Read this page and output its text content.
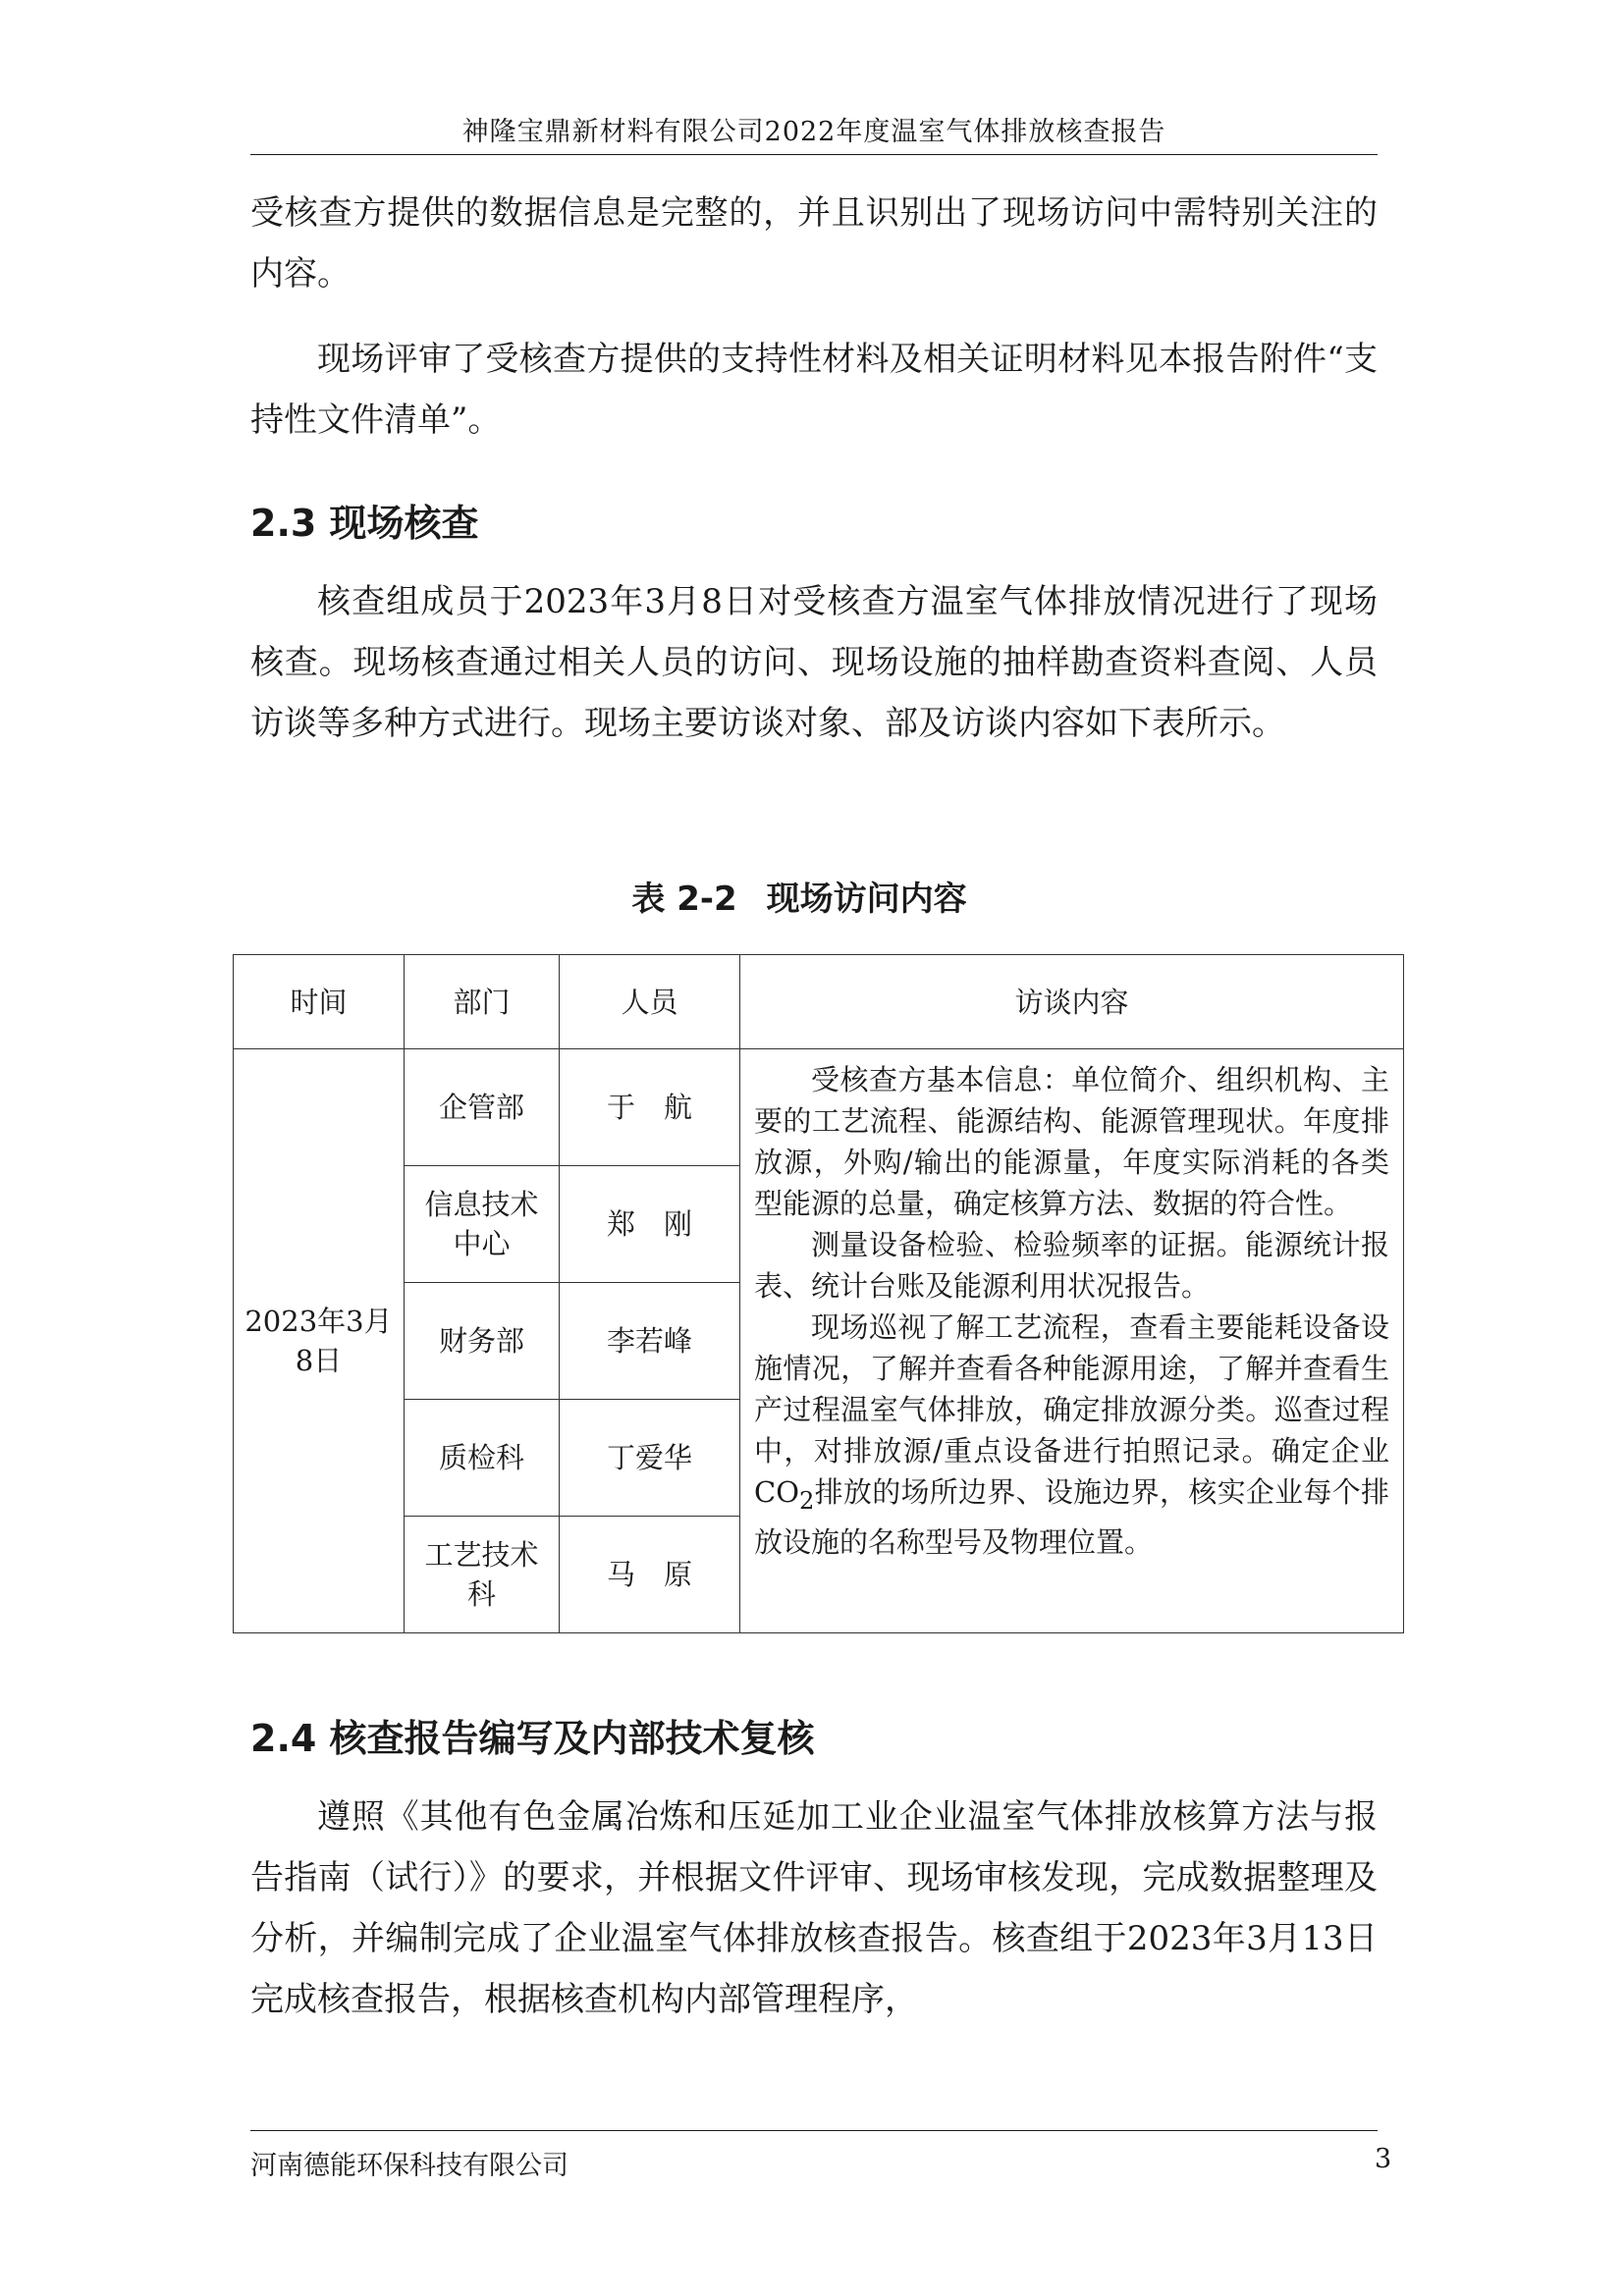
神隆宝鼎新材料有限公司2022年度温室气体排放核查报告
受核查方提供的数据信息是完整的，并且识别出了现场访问中需特别关注的内容。
现场评审了受核查方提供的支持性材料及相关证明材料见本报告附件“支持性文件清单”。
2.3 现场核查
核查组成员于2023年3月8日对受核查方温室气体排放情况进行了现场核查。现场核查通过相关人员的访问、现场设施的抽样勘查资料查阅、人员访谈等多种方式进行。现场主要访谈对象、部及访谈内容如下表所示。
表 2-2 现场访问内容
时间	部门	人员	访谈内容
2023年3月8日	企管部	于　航	受核查方基本信息：单位简介、组织机构、主要的工艺流程、能源结构、能源管理现状。年度排放源，外购/输出的能源量，年度实际消耗的各类型能源的总量，确定核算方法、数据的符合性。

测量设备检验、检验频率的证据。能源统计报表、统计台账及能源利用状况报告。

现场巡视了解工艺流程，查看主要能耗设备设施情况，了解并查看各种能源用途，了解并查看生产过程温室气体排放，确定排放源分类。巡查过程中，对排放源/重点设备进行拍照记录。确定企业$CO_2$排放的场所边界、设施边界，核实企业每个排放设施的名称型号及物理位置。

	信息技术中心	郑　刚	
	财务部	李若峰	
	质检科	丁爱华	
	工艺技术科	马　原	
2.4 核查报告编写及内部技术复核
遵照《其他有色金属冶炼和压延加工业企业温室气体排放核算方法与报告指南（试行）》的要求，并根据文件评审、现场审核发现，完成数据整理及分析，并编制完成了企业温室气体排放核查报告。核查组于2023年3月13日完成核查报告，根据核查机构内部管理程序，
河南德能环保科技有限公司	3
